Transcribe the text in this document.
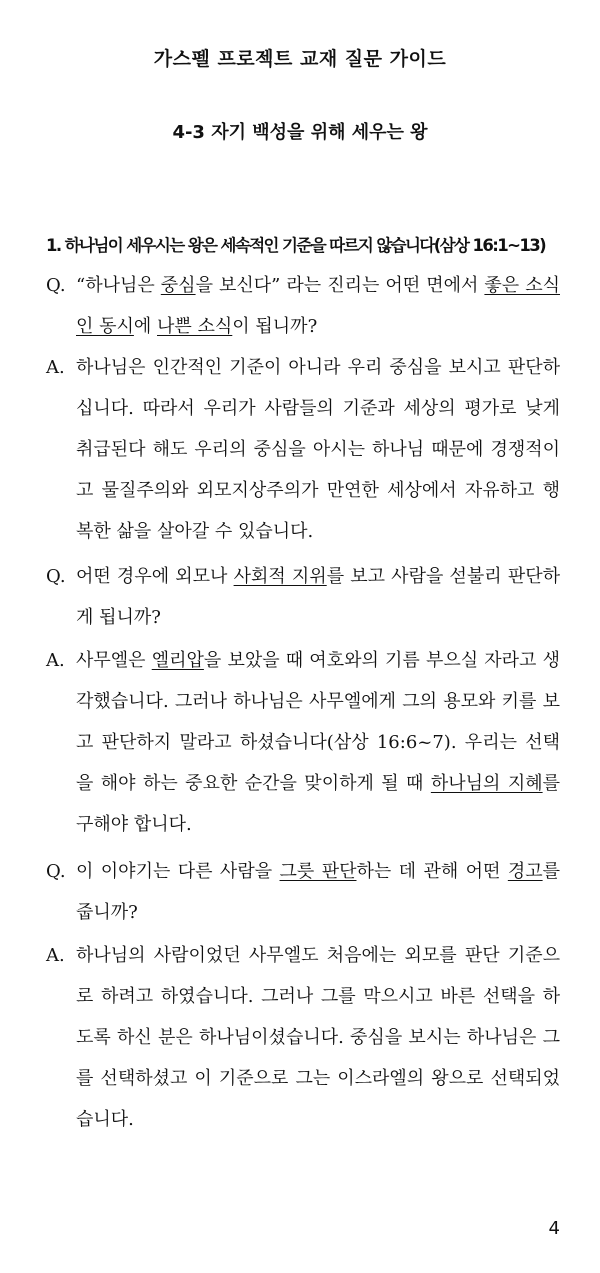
가스펠 프로젝트 교재 질문 가이드
4-3 자기 백성을 위해 세우는 왕
1. 하나님이 세우시는 왕은 세속적인 기준을 따르지 않습니다(삼상 16:1~13)
Q. “하나님은 중심을 보신다” 라는 진리는 어떤 면에서 좋은 소식인 동시에 나쁜 소식이 됩니까?
A. 하나님은 인간적인 기준이 아니라 우리 중심을 보시고 판단하십니다. 따라서 우리가 사람들의 기준과 세상의 평가로 낮게 취급된다 해도 우리의 중심을 아시는 하나님 때문에 경쟁적이고 물질주의와 외모지상주의가 만연한 세상에서 자유하고 행복한 삶을 살아갈 수 있습니다.
Q. 어떤 경우에 외모나 사회적 지위를 보고 사람을 섣불리 판단하게 됩니까?
A. 사무엘은 엘리압을 보았을 때 여호와의 기름 부으실 자라고 생각했습니다. 그러나 하나님은 사무엘에게 그의 용모와 키를 보고 판단하지 말라고 하셨습니다(삼상 16:6~7). 우리는 선택을 해야 하는 중요한 순간을 맞이하게 될 때 하나님의 지혜를 구해야 합니다.
Q. 이 이야기는 다른 사람을 그릇 판단하는 데 관해 어떤 경고를 줍니까?
A. 하나님의 사람이었던 사무엘도 처음에는 외모를 판단 기준으로 하려고 하였습니다. 그러나 그를 막으시고 바른 선택을 하도록 하신 분은 하나님이셨습니다. 중심을 보시는 하나님은 그를 선택하셨고 이 기준으로 그는 이스라엘의 왕으로 선택되었습니다.
4
